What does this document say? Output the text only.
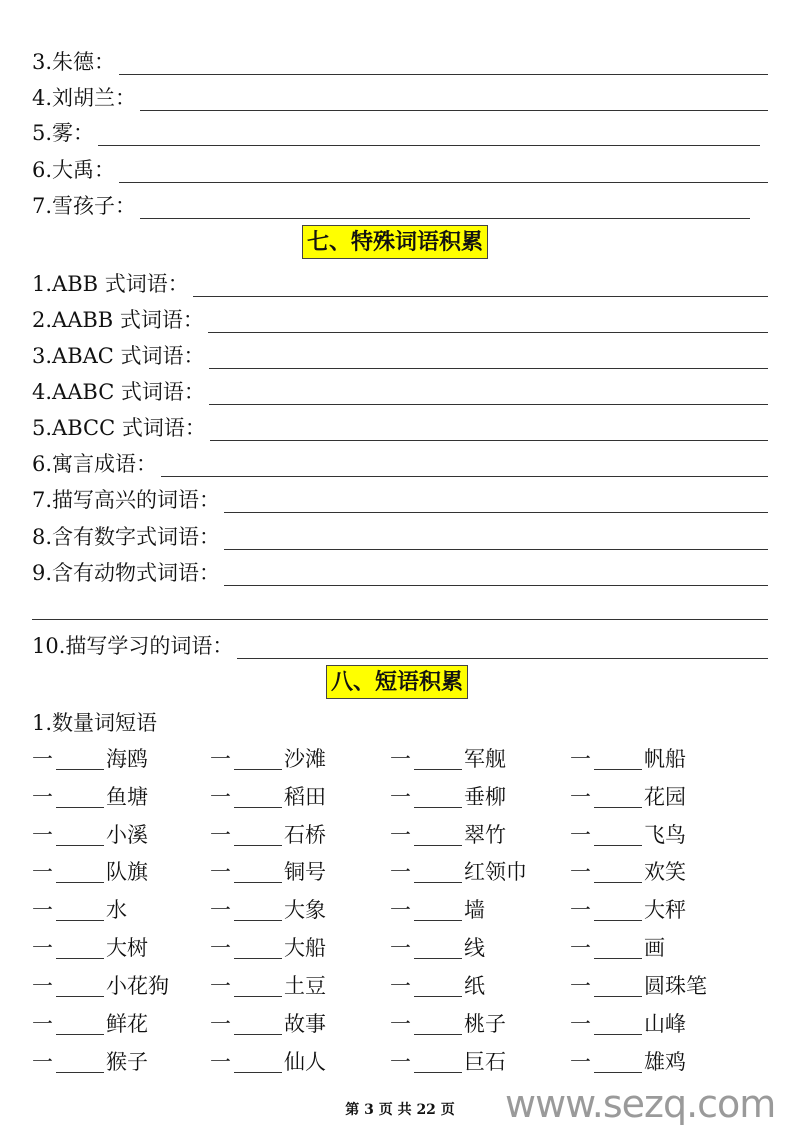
3.朱德：
4.刘胡兰：
5.雾：
6.大禹：
7.雪孩子：
七、特殊词语积累
1.ABB 式词语：
2.AABB 式词语：
3.ABAC 式词语：
4.AABC 式词语：
5.ABCC 式词语：
6.寓言成语：
7.描写高兴的词语：
8.含有数字式词语：
9.含有动物式词语：
10.描写学习的词语：
八、短语积累
1.数量词短语
一	海鸥	一	沙滩	一	军舰	一	帆船
一	鱼塘	一	稻田	一	垂柳	一	花园
一	小溪	一	石桥	一	翠竹	一	飞鸟
一	队旗	一	铜号	一	红领巾 一	欢笑
一	水	一	大象	一	墙	一	大秤
一	大树	一	大船	一	线	一	画
一	小花狗 一	土豆	一	纸	一	圆珠笔
一	鲜花	一	故事	一	桃子	一	山峰
一	猴子	一	仙人	一	巨石	一	雄鸡
www.sezq.com
第 3 页 共 22 页
